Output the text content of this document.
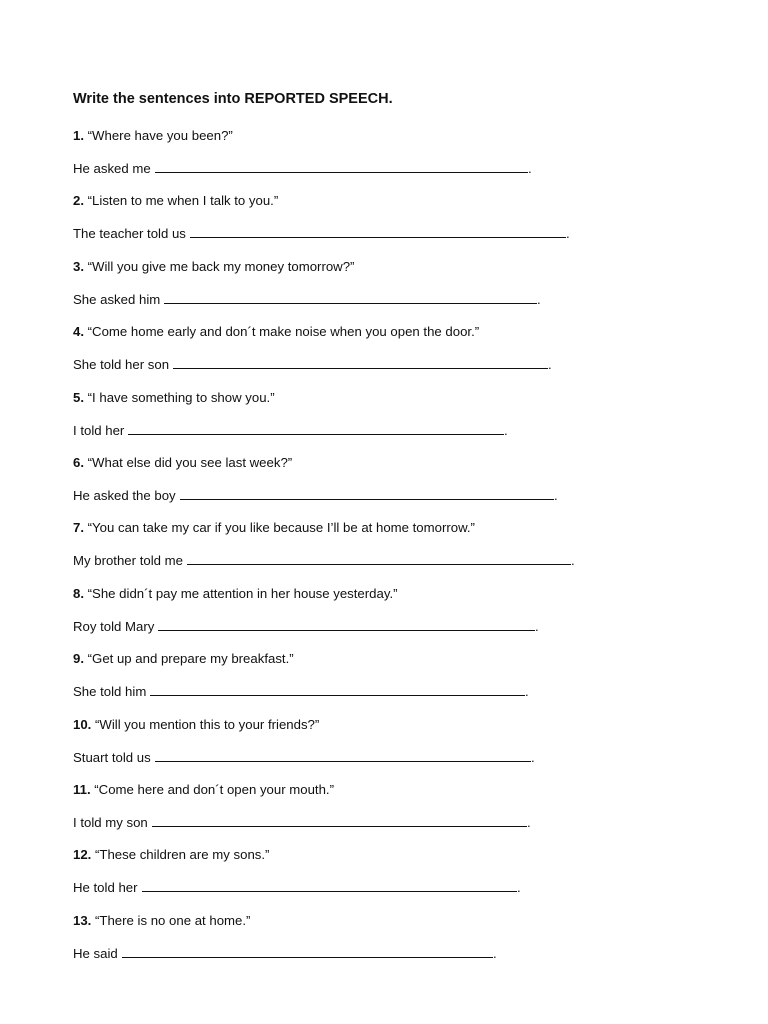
Write the sentences into REPORTED SPEECH.
1. “Where have you been?”
He asked me	.
2. “Listen to me when I talk to you.”
The teacher told us	.
3. “Will you give me back my money tomorrow?”
She asked him	.
4. “Come home early and don´t make noise when you open the door.”
She told her son	.
5. “I have something to show you.”
I told her	.
6. “What else did you see last week?”
He asked the boy	.
7. “You can take my car if you like because I’ll be at home tomorrow.”
My brother told me	.
8. “She didn´t pay me attention in her house yesterday.”
Roy told Mary	.
9. “Get up and prepare my breakfast.”
She told him	.
10. “Will you mention this to your friends?”
Stuart told us	.
11. “Come here and don´t open your mouth.”
I told my son	.
12. “These children are my sons.”
He told her	.
13. “There is no one at home.”
He said	.
